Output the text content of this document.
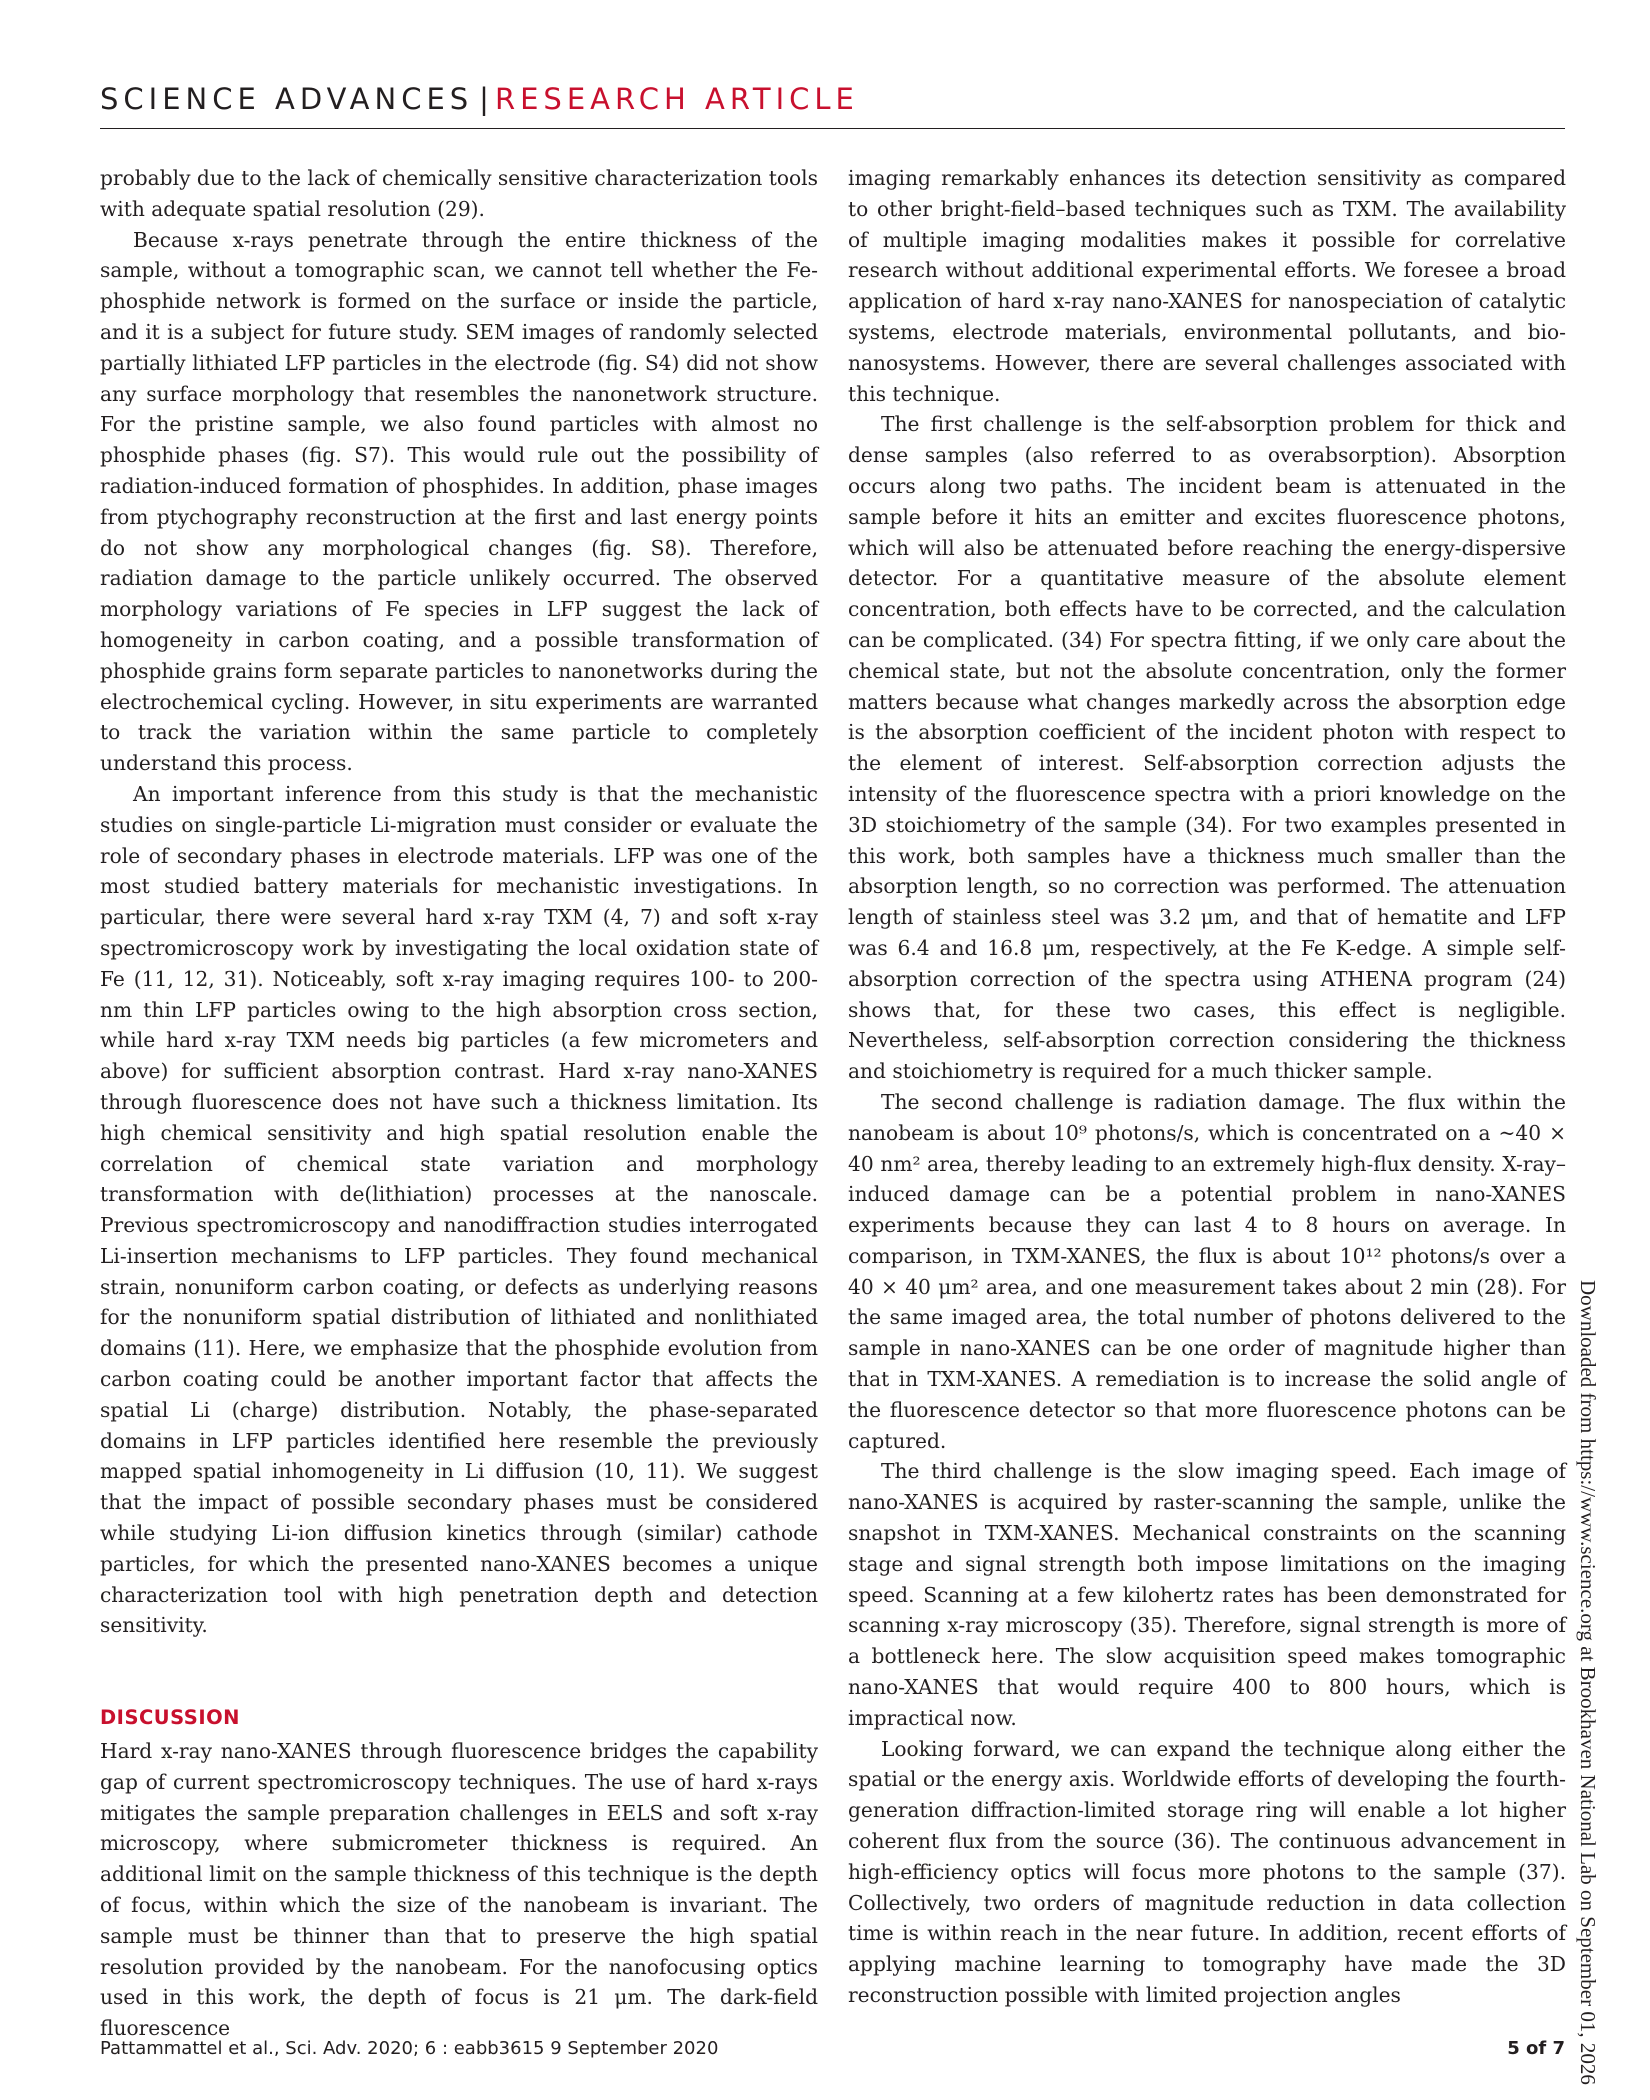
SCIENCE ADVANCES | RESEARCH ARTICLE

probably due to the lack of chemically sensitive characterization tools with adequate spatial resolution (29).

Because x-rays penetrate through the entire thickness of the sample, without a tomographic scan, we cannot tell whether the Fe-phosphide network is formed on the surface or inside the particle, and it is a subject for future study. SEM images of randomly selected partially lithiated LFP particles in the electrode (fig. S4) did not show any surface morphology that resembles the nanonetwork structure. For the pristine sample, we also found particles with almost no phosphide phases (fig. S7). This would rule out the possibility of radiation-induced formation of phosphides. In addition, phase images from ptychography reconstruction at the first and last energy points do not show any morphological changes (fig. S8). Therefore, radiation damage to the particle unlikely occurred. The observed morphology variations of Fe species in LFP suggest the lack of homogeneity in carbon coating, and a possible transformation of phosphide grains form separate particles to nanonetworks during the electrochemical cycling. However, in situ experiments are warranted to track the variation within the same particle to completely understand this process.

An important inference from this study is that the mechanistic studies on single-particle Li-migration must consider or evaluate the role of secondary phases in electrode materials. LFP was one of the most studied battery materials for mechanistic investigations. In particular, there were several hard x-ray TXM (4, 7) and soft x-ray spectromicroscopy work by investigating the local oxidation state of Fe (11, 12, 31). Noticeably, soft x-ray imaging requires 100- to 200-nm thin LFP particles owing to the high absorption cross section, while hard x-ray TXM needs big particles (a few micrometers and above) for sufficient absorption contrast. Hard x-ray nano-XANES through fluorescence does not have such a thickness limitation. Its high chemical sensitivity and high spatial resolution enable the correlation of chemical state variation and morphology transformation with de(lithiation) processes at the nanoscale. Previous spectromicroscopy and nanodiffraction studies interrogated Li-insertion mechanisms to LFP particles. They found mechanical strain, nonuniform carbon coating, or defects as underlying reasons for the nonuniform spatial distribution of lithiated and nonlithiated domains (11). Here, we emphasize that the phosphide evolution from carbon coating could be another important factor that affects the spatial Li (charge) distribution. Notably, the phase-separated domains in LFP particles identified here resemble the previously mapped spatial inhomogeneity in Li diffusion (10, 11). We suggest that the impact of possible secondary phases must be considered while studying Li-ion diffusion kinetics through (similar) cathode particles, for which the presented nano-XANES becomes a unique characterization tool with high penetration depth and detection sensitivity.

DISCUSSION

Hard x-ray nano-XANES through fluorescence bridges the capability gap of current spectromicroscopy techniques. The use of hard x-rays mitigates the sample preparation challenges in EELS and soft x-ray microscopy, where submicrometer thickness is required. An additional limit on the sample thickness of this technique is the depth of focus, within which the size of the nanobeam is invariant. The sample must be thinner than that to preserve the high spatial resolution provided by the nanobeam. For the nanofocusing optics used in this work, the depth of focus is 21 μm. The dark-field fluorescence

imaging remarkably enhances its detection sensitivity as compared to other bright-field–based techniques such as TXM. The availability of multiple imaging modalities makes it possible for correlative research without additional experimental efforts. We foresee a broad application of hard x-ray nano-XANES for nanospeciation of catalytic systems, electrode materials, environmental pollutants, and bio-nanosystems. However, there are several challenges associated with this technique.

The first challenge is the self-absorption problem for thick and dense samples (also referred to as overabsorption). Absorption occurs along two paths. The incident beam is attenuated in the sample before it hits an emitter and excites fluorescence photons, which will also be attenuated before reaching the energy-dispersive detector. For a quantitative measure of the absolute element concentration, both effects have to be corrected, and the calculation can be complicated. (34) For spectra fitting, if we only care about the chemical state, but not the absolute concentration, only the former matters because what changes markedly across the absorption edge is the absorption coefficient of the incident photon with respect to the element of interest. Self-absorption correction adjusts the intensity of the fluorescence spectra with a priori knowledge on the 3D stoichiometry of the sample (34). For two examples presented in this work, both samples have a thickness much smaller than the absorption length, so no correction was performed. The attenuation length of stainless steel was 3.2 μm, and that of hematite and LFP was 6.4 and 16.8 μm, respectively, at the Fe K-edge. A simple self-absorption correction of the spectra using ATHENA program (24) shows that, for these two cases, this effect is negligible. Nevertheless, self-absorption correction considering the thickness and stoichiometry is required for a much thicker sample.

The second challenge is radiation damage. The flux within the nanobeam is about 10⁹ photons/s, which is concentrated on a ~40 × 40 nm² area, thereby leading to an extremely high-flux density. X-ray–induced damage can be a potential problem in nano-XANES experiments because they can last 4 to 8 hours on average. In comparison, in TXM-XANES, the flux is about 10¹² photons/s over a 40 × 40 μm² area, and one measurement takes about 2 min (28). For the same imaged area, the total number of photons delivered to the sample in nano-XANES can be one order of magnitude higher than that in TXM-XANES. A remediation is to increase the solid angle of the fluorescence detector so that more fluorescence photons can be captured.

The third challenge is the slow imaging speed. Each image of nano-XANES is acquired by raster-scanning the sample, unlike the snapshot in TXM-XANES. Mechanical constraints on the scanning stage and signal strength both impose limitations on the imaging speed. Scanning at a few kilohertz rates has been demonstrated for scanning x-ray microscopy (35). Therefore, signal strength is more of a bottleneck here. The slow acquisition speed makes tomographic nano-XANES that would require 400 to 800 hours, which is impractical now.

Looking forward, we can expand the technique along either the spatial or the energy axis. Worldwide efforts of developing the fourth-generation diffraction-limited storage ring will enable a lot higher coherent flux from the source (36). The continuous advancement in high-efficiency optics will focus more photons to the sample (37). Collectively, two orders of magnitude reduction in data collection time is within reach in the near future. In addition, recent efforts of applying machine learning to tomography have made the 3D reconstruction possible with limited projection angles	Downloaded from https://www.science.org at Brookhaven National Lab on September 01, 2026
Pattammattel et al., Sci. Adv. 2020; 6 : eabb3615 9 September 2020	5 of 7
